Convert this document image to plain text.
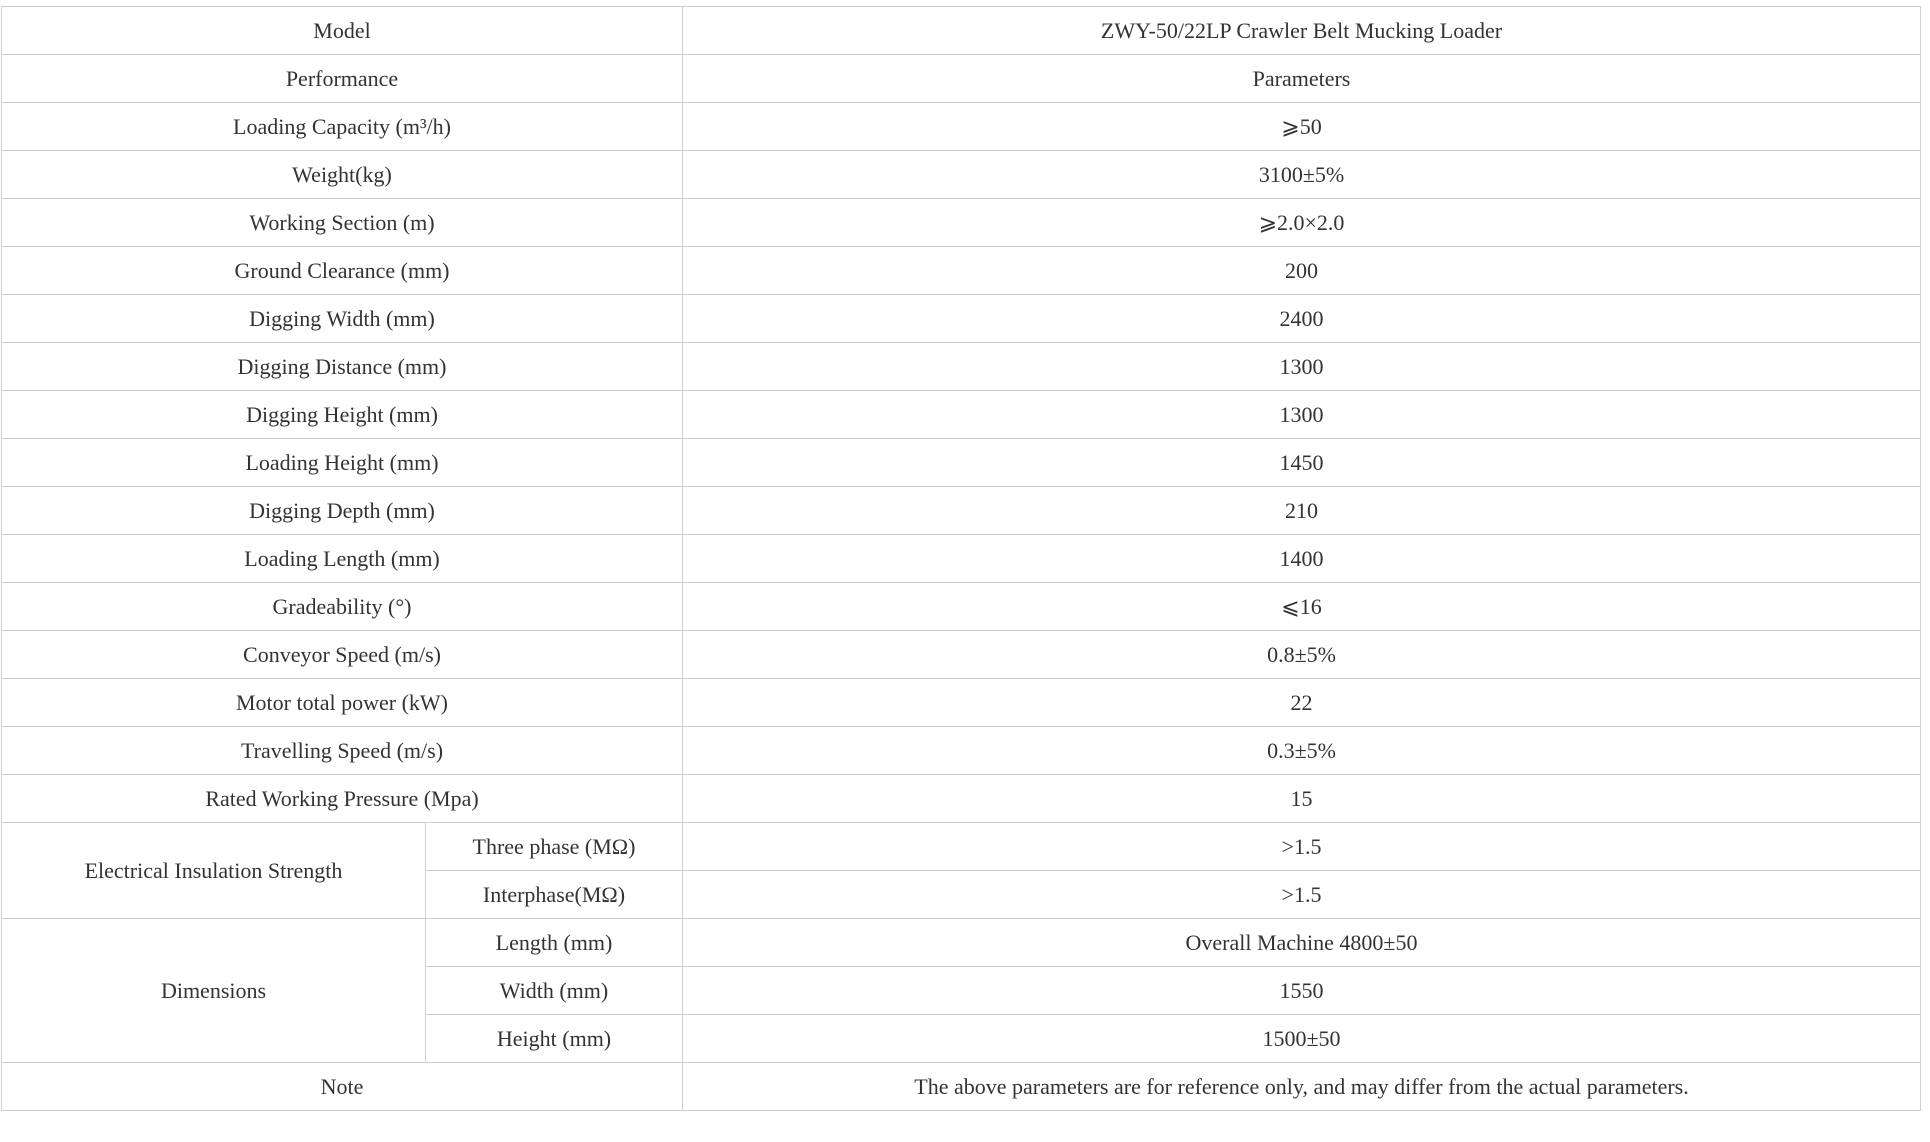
Model		ZWY-50/22LP Crawler Belt Mucking Loader
Performance		Parameters
Loading Capacity (m³/h)		⩾50
Weight(kg)		3100±5%
Working Section (m)		⩾2.0×2.0
Ground Clearance (mm)		200
Digging Width (mm)		2400
Digging Distance (mm)		1300
Digging Height (mm)		1300
Loading Height (mm)		1450
Digging Depth (mm)		210
Loading Length (mm)		1400
Gradeability (°)		⩽16
Conveyor Speed (m/s)		0.8±5%
Motor total power (kW)		22
Travelling Speed (m/s)		0.3±5%
Rated Working Pressure (Mpa)		15
Electrical Insulation Strength	Three phase (MΩ)	>1.5
	Interphase(MΩ)	>1.5
Dimensions	Length (mm)	Overall Machine 4800±50
	Width (mm)	1550
	Height (mm)	1500±50
Note		The above parameters are for reference only, and may differ from the actual parameters.
